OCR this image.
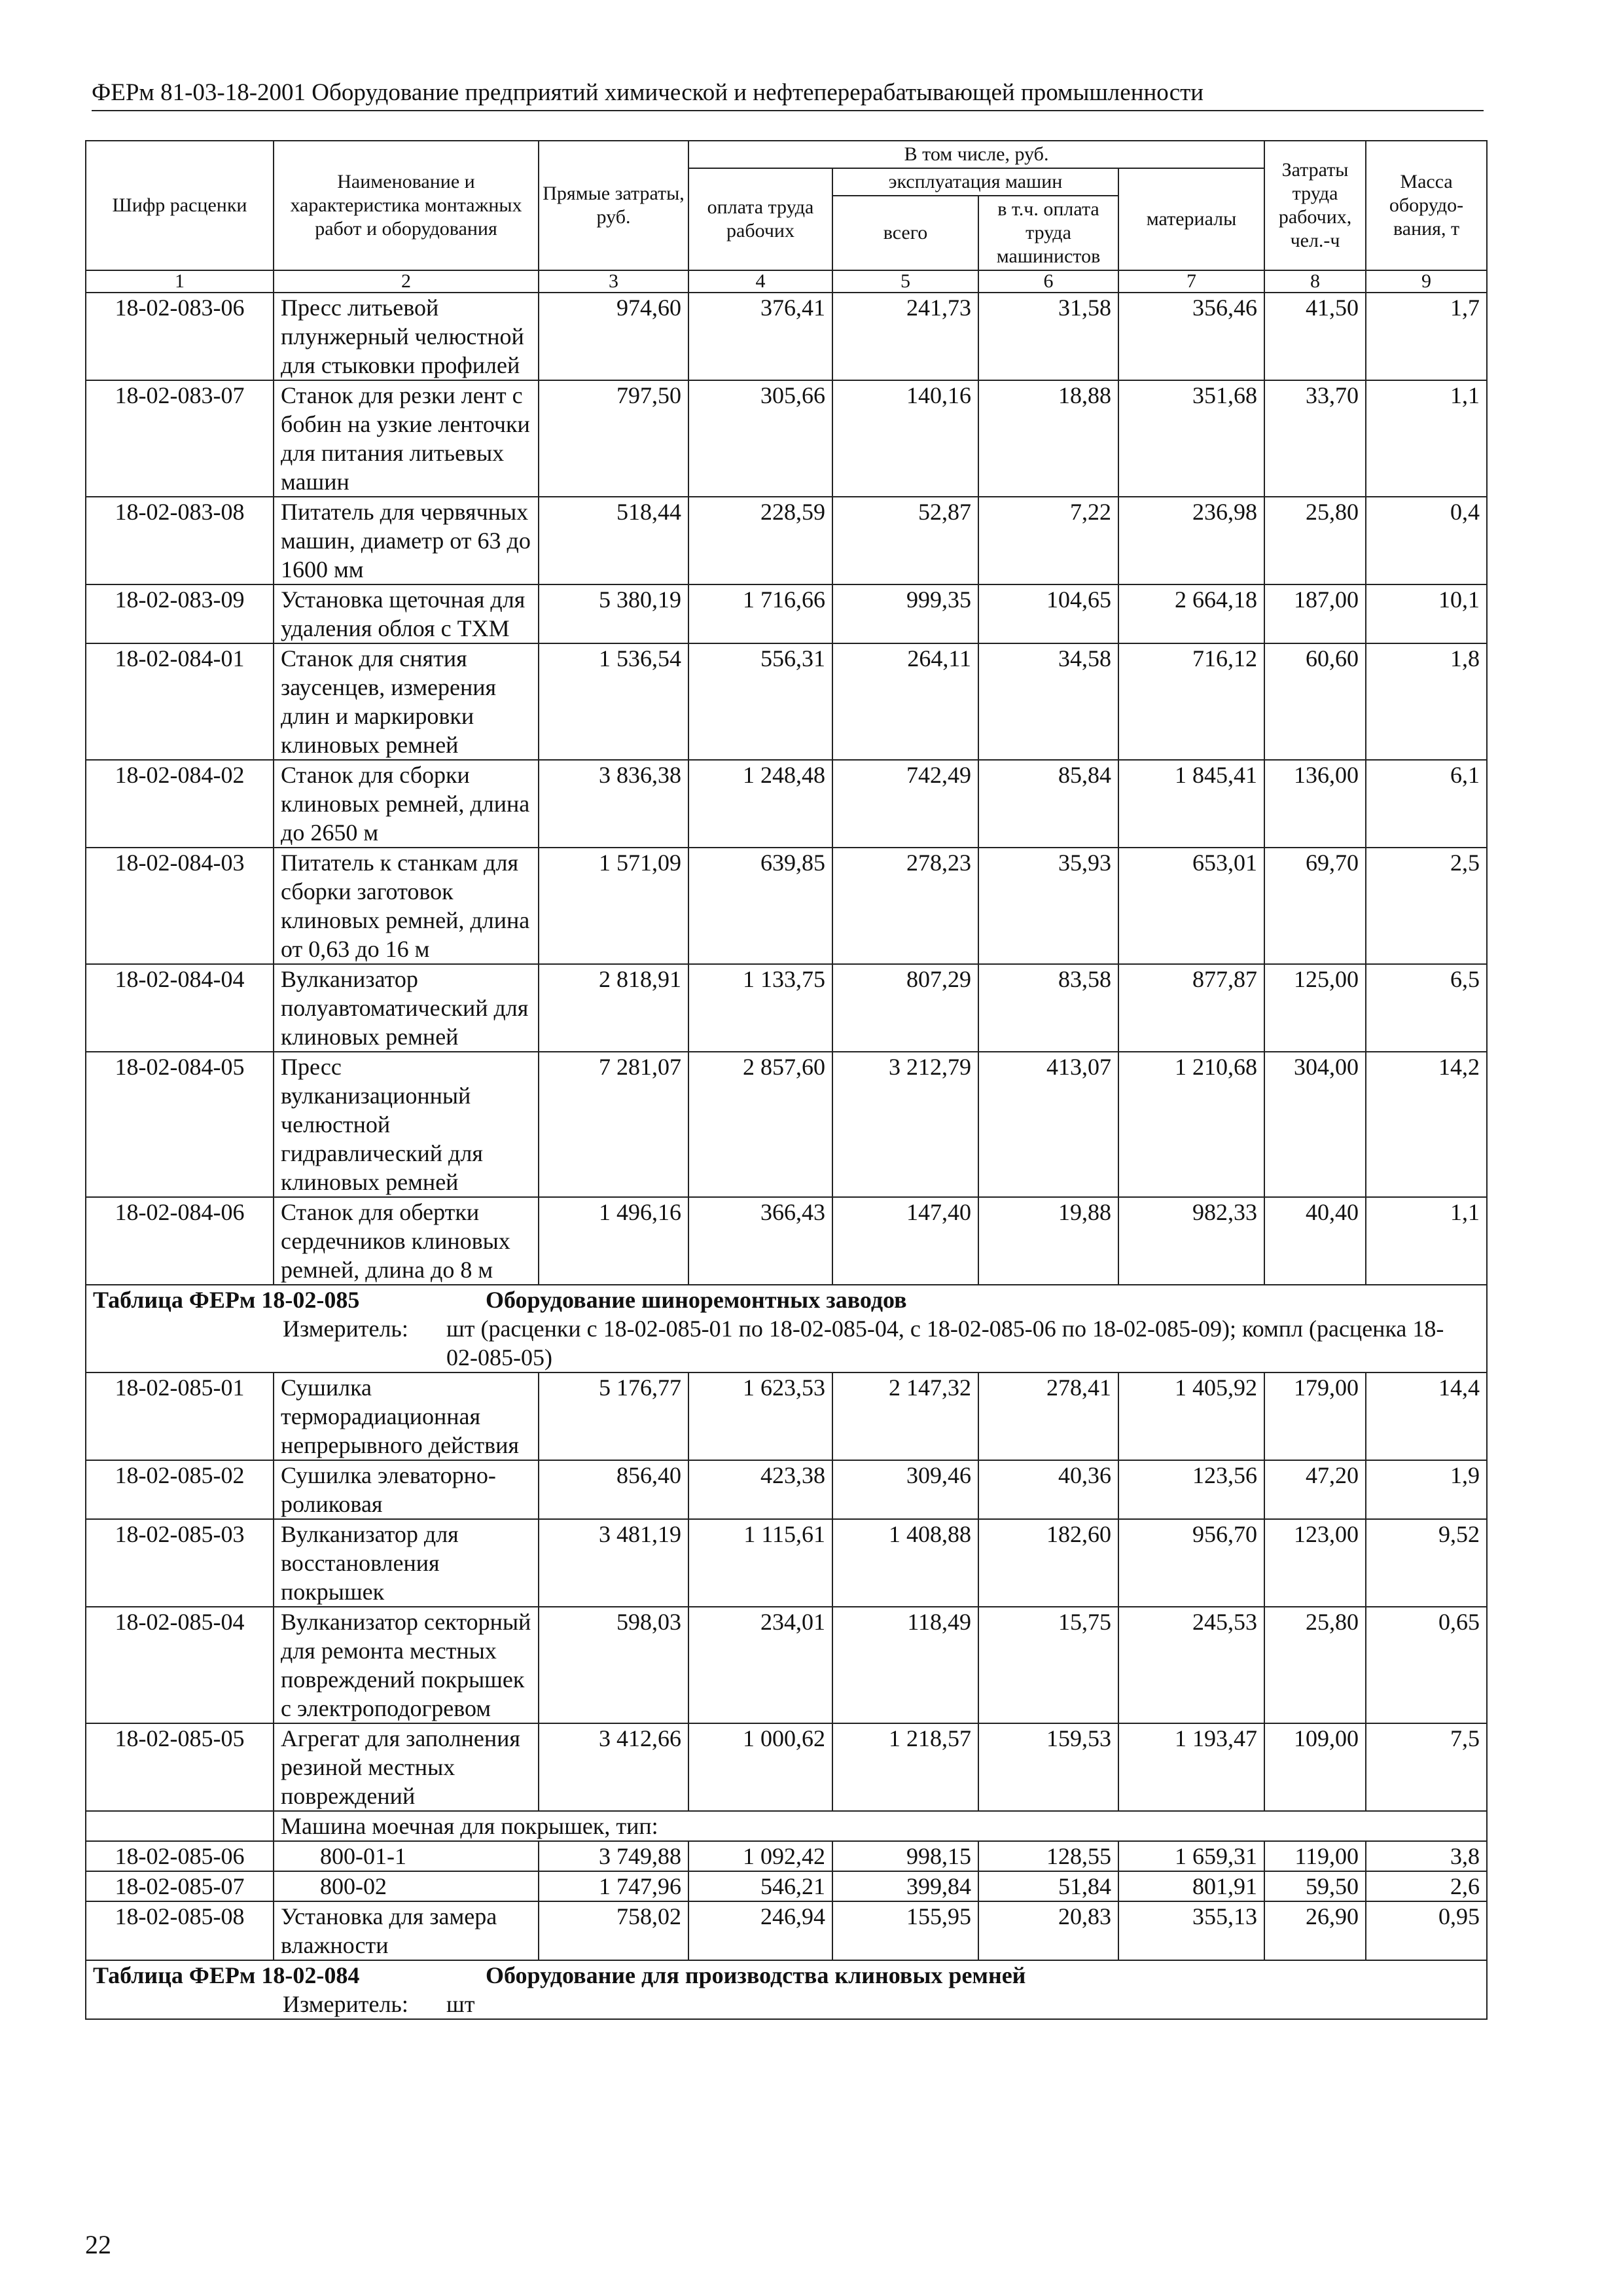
ФЕРм 81-03-18-2001 Оборудование предприятий химической и нефтеперерабатывающей промышленности
Шифр расценки	Наименование и характеристика монтажных работ и оборудования	Прямые затраты, руб.	В том числе, руб.				Затраты труда рабочих, чел.-ч	Масса оборудо-вания, т
			оплата труда рабочих	эксплуатация машин		материалы		
				всего	в т.ч. оплата труда машинистов			
1	2	3	4	5	6	7	8	9
18-02-083-06	Пресс литьевой плунжерный челюстной для стыковки профилей	974,60	376,41	241,73	31,58	356,46	41,50	1,7
18-02-083-07	Станок для резки лент с бобин на узкие ленточки для питания литьевых машин	797,50	305,66	140,16	18,88	351,68	33,70	1,1
18-02-083-08	Питатель для червячных машин, диаметр от 63 до 1600 мм	518,44	228,59	52,87	7,22	236,98	25,80	0,4
18-02-083-09	Установка щеточная для удаления облоя с ТХМ	5 380,19	1 716,66	999,35	104,65	2 664,18	187,00	10,1
18-02-084-01	Станок для снятия заусенцев, измерения длин и маркировки клиновых ремней	1 536,54	556,31	264,11	34,58	716,12	60,60	1,8
18-02-084-02	Станок для сборки клиновых ремней, длина до 2650 м	3 836,38	1 248,48	742,49	85,84	1 845,41	136,00	6,1
18-02-084-03	Питатель к станкам для сборки заготовок клиновых ремней, длина от 0,63 до 16 м	1 571,09	639,85	278,23	35,93	653,01	69,70	2,5
18-02-084-04	Вулканизатор полуавтоматический для клиновых ремней	2 818,91	1 133,75	807,29	83,58	877,87	125,00	6,5
18-02-084-05	Пресс вулканизационный челюстной гидравлический для клиновых ремней	7 281,07	2 857,60	3 212,79	413,07	1 210,68	304,00	14,2
18-02-084-06	Станок для обертки сердечников клиновых ремней, длина до 8 м	1 496,16	366,43	147,40	19,88	982,33	40,40	1,1
Таблица ФЕРм 18-02-085 Оборудование шиноремонтных заводов								
Измеритель: шт (расценки с 18-02-085-01 по 18-02-085-04, с 18-02-085-06 по 18-02-085-09); компл (расценка 18-02-085-05)								
18-02-085-01	Сушилка терморадиационная непрерывного действия	5 176,77	1 623,53	2 147,32	278,41	1 405,92	179,00	14,4
18-02-085-02	Сушилка элеваторно-роликовая	856,40	423,38	309,46	40,36	123,56	47,20	1,9
18-02-085-03	Вулканизатор для восстановления покрышек	3 481,19	1 115,61	1 408,88	182,60	956,70	123,00	9,52
18-02-085-04	Вулканизатор секторный для ремонта местных повреждений покрышек с электроподогревом	598,03	234,01	118,49	15,75	245,53	25,80	0,65
18-02-085-05	Агрегат для заполнения резиной местных повреждений	3 412,66	1 000,62	1 218,57	159,53	1 193,47	109,00	7,5
	Машина моечная для покрышек, тип:							
18-02-085-06	800-01-1	3 749,88	1 092,42	998,15	128,55	1 659,31	119,00	3,8
18-02-085-07	800-02	1 747,96	546,21	399,84	51,84	801,91	59,50	2,6
18-02-085-08	Установка для замера влажности	758,02	246,94	155,95	20,83	355,13	26,90	0,95
Таблица ФЕРм 18-02-084 Оборудование для производства клиновых ремней								
Измеритель: шт								
22
